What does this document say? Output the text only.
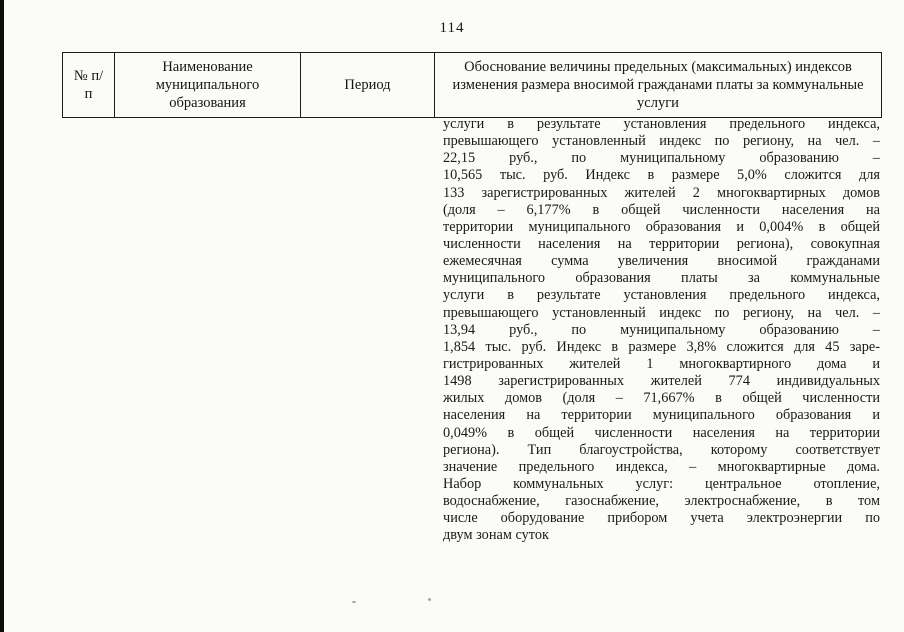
114
№ п/п	Наименование муниципального образования	Период	Обоснование величины предельных (максимальных) индексов изменения размера вносимой гражданами платы за коммунальные услуги
услуги в результате установления предельного индекса,
превышающего установленный индекс по региону, на чел. –
22,15 руб., по муниципальному образованию –
10,565 тыс. руб. Индекс в размере 5,0% сложится для
133 зарегистрированных жителей 2 многоквартирных домов
(доля – 6,177% в общей численности населения на
территории муниципального образования и 0,004% в общей
численности населения на территории региона), совокупная
ежемесячная сумма увеличения вносимой гражданами
муниципального образования платы за коммунальные
услуги в результате установления предельного индекса,
превышающего установленный индекс по региону, на чел. –
13,94 руб., по муниципальному образованию –
1,854 тыс. руб. Индекс в размере 3,8% сложится для 45 заре-
гистрированных жителей 1 многоквартирного дома и
1498 зарегистрированных жителей 774 индивидуальных
жилых домов (доля – 71,667% в общей численности
населения на территории муниципального образования и
0,049% в общей численности населения на территории
региона). Тип благоустройства, которому соответствует
значение предельного индекса, – многоквартирные дома.
Набор коммунальных услуг: центральное отопление,
водоснабжение, газоснабжение, электроснабжение, в том
числе оборудование прибором учета электроэнергии по
двум зонам суток
